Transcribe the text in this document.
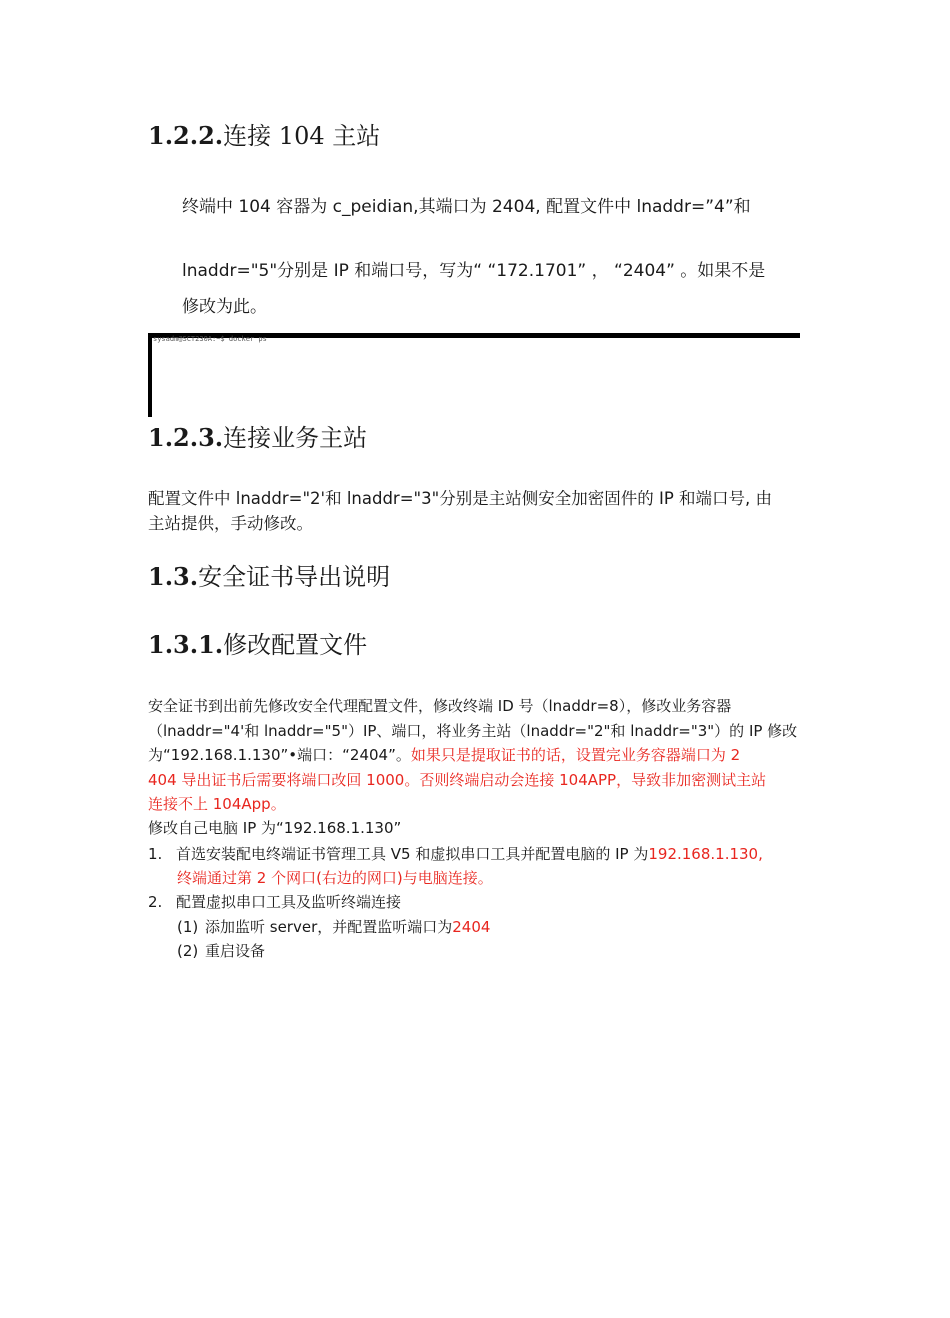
1.2.2.连接 104 主站
终端中 104 容器为 c_peidian,其端口为 2404, 配置文件中 lnaddr=”4”和
lnaddr="5"分别是 IP 和端口号，写为“ “172.1701” ， “2404” 。如果不是
修改为此。
sysadm@SCT230A:~$ docker ps
1.2.3.连接业务主站
配置文件中 lnaddr="2'和 lnaddr="3"分别是主站侧安全加密固件的 IP 和端口号, 由
主站提供，手动修改。
1.3.安全证书导出说明
1.3.1.修改配置文件
安全证书到出前先修改安全代理配置文件，修改终端 ID 号（lnaddr=8），修改业务容器
（lnaddr="4'和 lnaddr="5"）IP、端口，将业务主站（lnaddr="2"和 lnaddr="3"）的 IP 修改
为“192.168.1.130”•端口：“2404”。如果只是提取证书的话，设置完业务容器端口为 2
404 导出证书后需要将端口改回 1000。否则终端启动会连接 104APP，导致非加密测试主站
连接不上 104App。
修改自己电脑 IP 为“192.168.1.130”
1. 首选安装配电终端证书管理工具 V5 和虚拟串口工具并配置电脑的 IP 为192.168.1.130,
终端通过第 2 个网口(右边的网口)与电脑连接。
2. 配置虚拟串口工具及监听终端连接
(1) 添加监听 server，并配置监听端口为2404
(2) 重启设备
